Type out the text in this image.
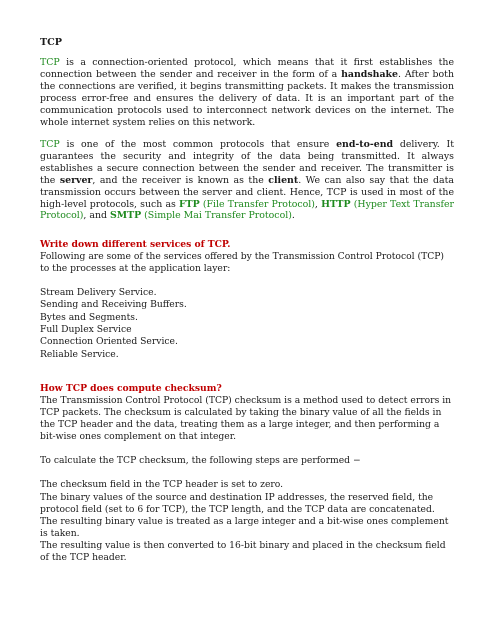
TCP

TCP is a connection-oriented protocol, which means that it first establishes the connection between the sender and receiver in the form of a handshake. After both the connections are verified, it begins transmitting packets. It makes the transmission process error-free and ensures the delivery of data. It is an important part of the communication protocols used to interconnect network devices on the internet. The whole internet system relies on this network.

TCP is one of the most common protocols that ensure end-to-end delivery. It guarantees the security and integrity of the data being transmitted. It always establishes a secure connection between the sender and receiver. The transmitter is the server, and the receiver is known as the client. We can also say that the data transmission occurs between the server and client. Hence, TCP is used in most of the high-level protocols, such as FTP (File Transfer Protocol), HTTP (Hyper Text Transfer Protocol), and SMTP (Simple Mai Transfer Protocol).

Write down different services of TCP.

Following are some of the services offered by the Transmission Control Protocol (TCP) to the processes at the application layer:

Stream Delivery Service.
Sending and Receiving Buffers.
Bytes and Segments.
Full Duplex Service
Connection Oriented Service.
Reliable Service.

How TCP does compute checksum?

The Transmission Control Protocol (TCP) checksum is a method used to detect errors in TCP packets. The checksum is calculated by taking the binary value of all the fields in the TCP header and the data, treating them as a large integer, and then performing a bit-wise ones complement on that integer.

To calculate the TCP checksum, the following steps are performed −

The checksum field in the TCP header is set to zero.

The binary values of the source and destination IP addresses, the reserved field, the protocol field (set to 6 for TCP), the TCP length, and the TCP data are concatenated.

The resulting binary value is treated as a large integer and a bit-wise ones complement is taken.

The resulting value is then converted to 16-bit binary and placed in the checksum field of the TCP header.
